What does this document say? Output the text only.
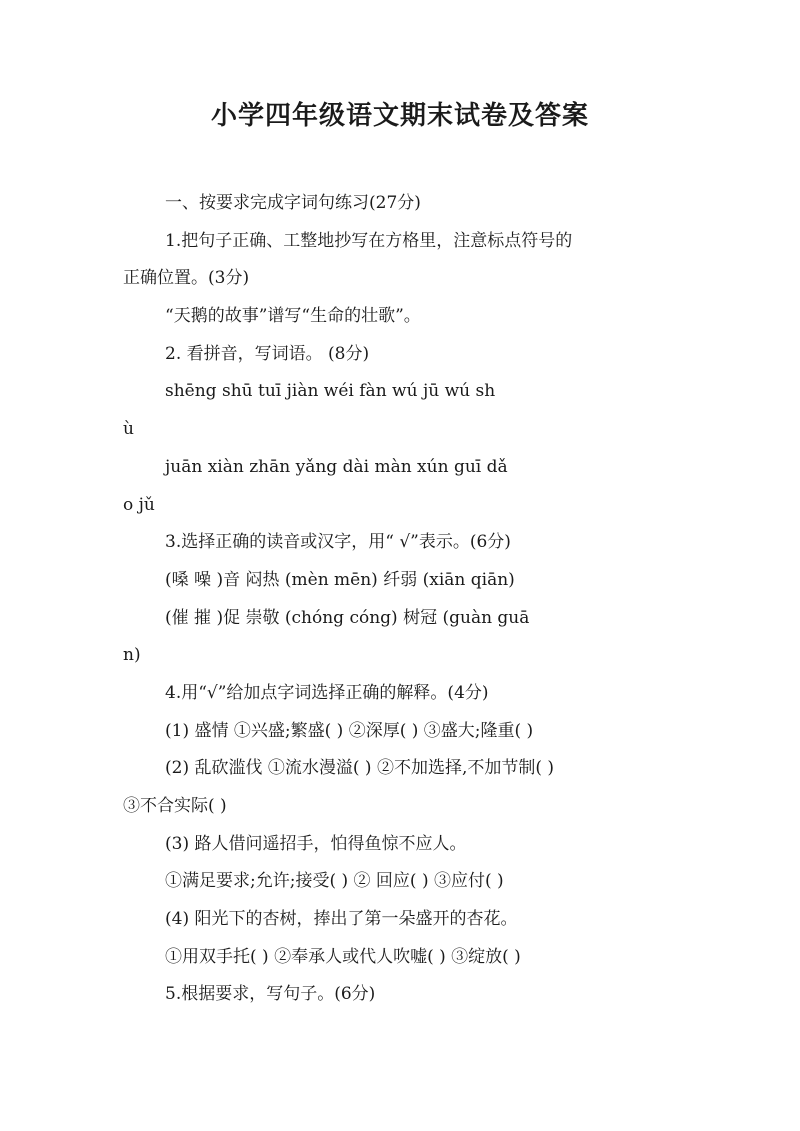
小学四年级语文期末试卷及答案
一、按要求完成字词句练习(27分)
1.把句子正确、工整地抄写在方格里，注意标点符号的
正确位置。(3分)
“天鹅的故事”谱写“生命的壮歌”。
2. 看拼音，写词语。 (8分)
shēng shū tuī jiàn wéi fàn wú jū wú sh
ù
juān xiàn zhān yǎng dài màn xún guī dǎ
o jǔ
3.选择正确的读音或汉字，用“ √”表示。(6分)
(嗓 噪 )音 闷热 (mèn mēn) 纤弱 (xiān qiān)
(催 摧 )促 崇敬 (chóng cóng) 树冠 (guàn guā
n)
4.用“√”给加点字词选择正确的解释。(4分)
(1) 盛情 ①兴盛;繁盛( ) ②深厚( ) ③盛大;隆重( )
(2) 乱砍滥伐 ①流水漫溢( ) ②不加选择,不加节制( )
③不合实际( )
(3) 路人借问遥招手，怕得鱼惊不应人。
①满足要求;允许;接受( ) ② 回应( ) ③应付( )
(4) 阳光下的杏树，捧出了第一朵盛开的杏花。
①用双手托( ) ②奉承人或代人吹嘘( ) ③绽放( )
5.根据要求，写句子。(6分)
